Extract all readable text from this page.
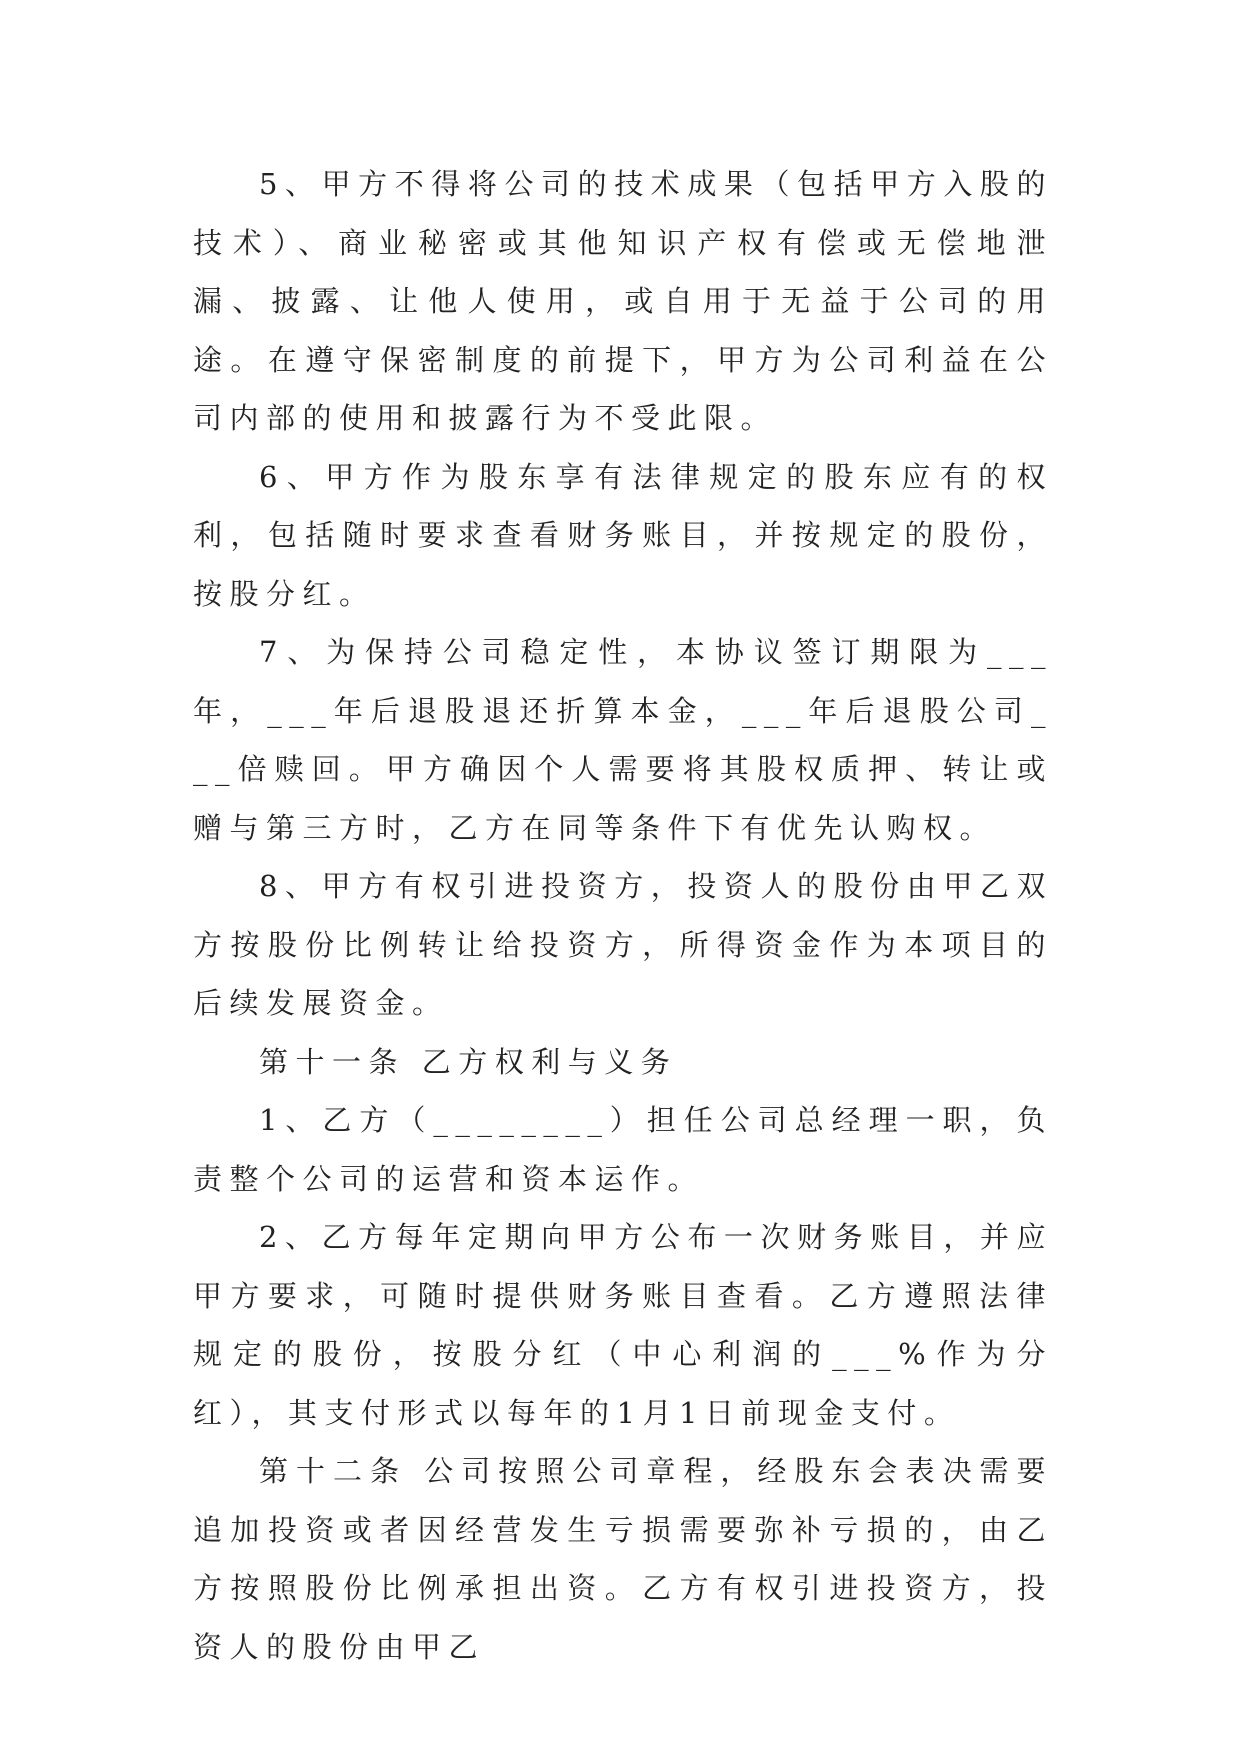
5、甲方不得将公司的技术成果（包括甲方入股的技术）、商业秘密或其他知识产权有偿或无偿地泄漏、披露、让他人使用，或自用于无益于公司的用途。在遵守保密制度的前提下，甲方为公司利益在公司内部的使用和披露行为不受此限。

6、甲方作为股东享有法律规定的股东应有的权利，包括随时要求查看财务账目，并按规定的股份，按股分红。

7、为保持公司稳定性，本协议签订期限为___年，___年后退股退还折算本金，___年后退股公司___倍赎回。甲方确因个人需要将其股权质押、转让或赠与第三方时，乙方在同等条件下有优先认购权。

8、甲方有权引进投资方，投资人的股份由甲乙双方按股份比例转让给投资方，所得资金作为本项目的后续发展资金。

第十一条 乙方权利与义务

1、乙方（________）担任公司总经理一职，负责整个公司的运营和资本运作。

2、乙方每年定期向甲方公布一次财务账目，并应甲方要求，可随时提供财务账目查看。乙方遵照法律规定的股份，按股分红（中心利润的___%作为分红），其支付形式以每年的1月1日前现金支付。

第十二条 公司按照公司章程，经股东会表决需要追加投资或者因经营发生亏损需要弥补亏损的，由乙方按照股份比例承担出资。乙方有权引进投资方，投资人的股份由甲乙
